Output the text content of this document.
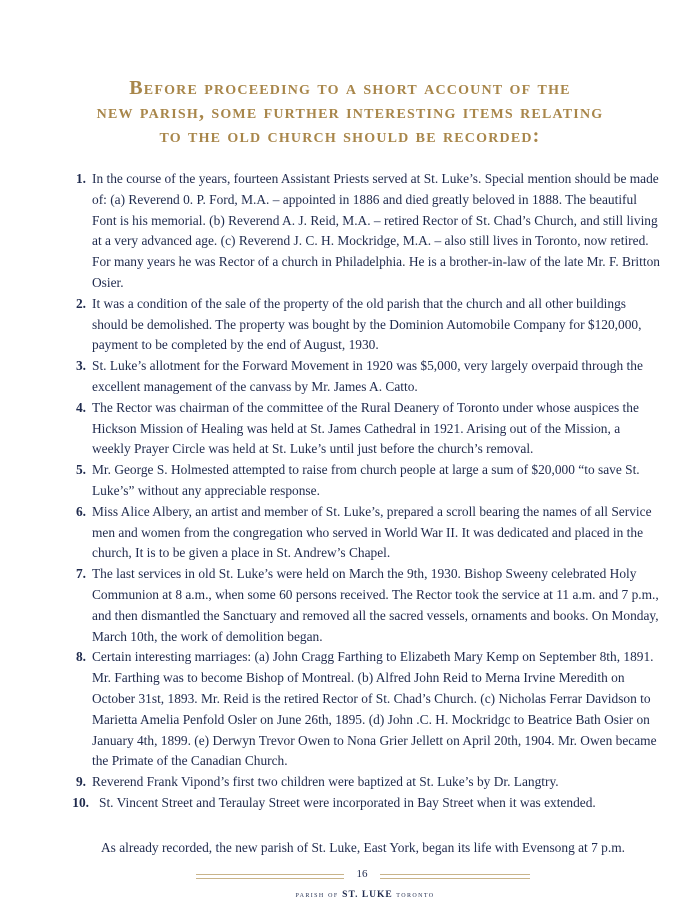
Before proceeding to a short account of the
new parish, some further interesting items relating
to the old church should be recorded:
1. In the course of the years, fourteen Assistant Priests served at St. Luke’s. Special mention should be made of: (a) Reverend 0. P. Ford, M.A. – appointed in 1886 and died greatly beloved in 1888. The beautiful Font is his memorial. (b) Reverend A. J. Reid, M.A. – retired Rector of St. Chad’s Church, and still living at a very advanced age. (c) Reverend J. C. H. Mockridge, M.A. – also still lives in Toronto, now retired. For many years he was Rector of a church in Philadelphia. He is a brother-in-law of the late Mr. F. Britton Osier.
2. It was a condition of the sale of the property of the old parish that the church and all other buildings should be demolished. The property was bought by the Dominion Automobile Company for $120,000, payment to be completed by the end of August, 1930.
3. St. Luke’s allotment for the Forward Movement in 1920 was $5,000, very largely overpaid through the excellent management of the canvass by Mr. James A. Catto.
4. The Rector was chairman of the committee of the Rural Deanery of Toronto under whose auspices the Hickson Mission of Healing was held at St. James Cathedral in 1921. Arising out of the Mission, a weekly Prayer Circle was held at St. Luke’s until just before the church’s removal.
5. Mr. George S. Holmested attempted to raise from church people at large a sum of $20,000 “to save St. Luke’s” without any appreciable response.
6. Miss Alice Albery, an artist and member of St. Luke’s, prepared a scroll bearing the names of all Service men and women from the congregation who served in World War II. It was dedicated and placed in the church, It is to be given a place in St. Andrew’s Chapel.
7. The last services in old St. Luke’s were held on March the 9th, 1930. Bishop Sweeny celebrated Holy Communion at 8 a.m., when some 60 persons received. The Rector took the service at 11 a.m. and 7 p.m., and then dismantled the Sanctuary and removed all the sacred vessels, ornaments and books. On Monday, March 10th, the work of demolition began.
8. Certain interesting marriages: (a) John Cragg Farthing to Elizabeth Mary Kemp on September 8th, 1891. Mr. Farthing was to become Bishop of Montreal. (b) Alfred John Reid to Merna Irvine Meredith on October 31st, 1893. Mr. Reid is the retired Rector of St. Chad’s Church. (c) Nicholas Ferrar Davidson to Marietta Amelia Penfold Osler on June 26th, 1895. (d) John .C. H. Mockridgc to Beatrice Bath Osier on January 4th, 1899. (e) Derwyn Trevor Owen to Nona Grier Jellett on April 20th, 1904. Mr. Owen became the Primate of the Canadian Church.
9. Reverend Frank Vipond’s first two children were baptized at St. Luke’s by Dr. Langtry.
10. St. Vincent Street and Teraulay Street were incorporated in Bay Street when it was extended.
As already recorded, the new parish of St. Luke, East York, began its life with Evensong at 7 p.m.
16
parish of ST. LUKE toronto
